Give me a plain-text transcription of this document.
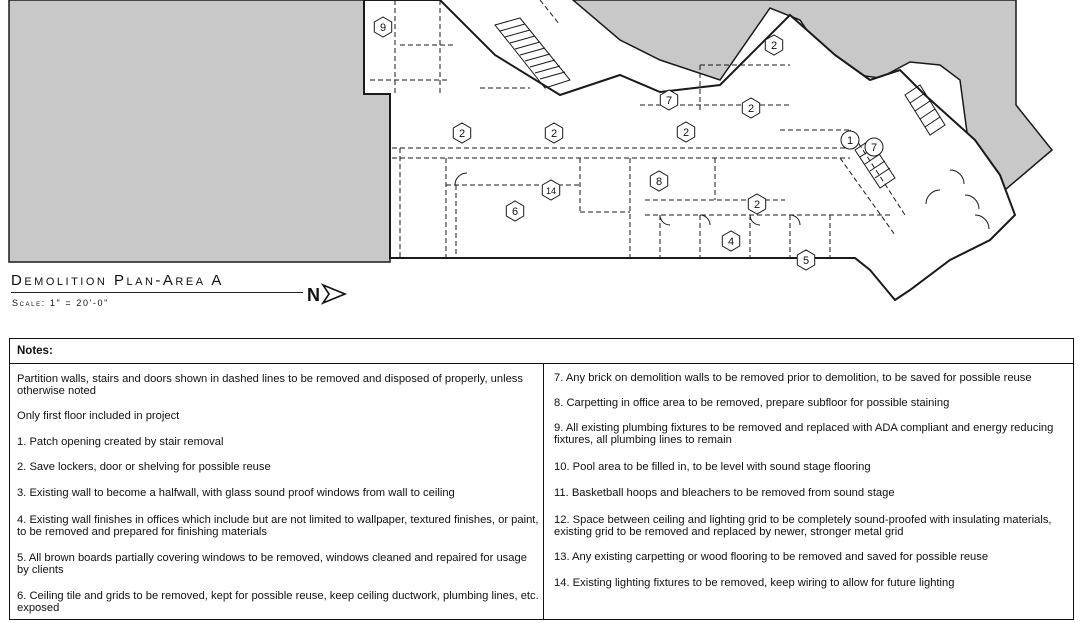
9
2	2	2
2
2
7
7
1
14
6
8
2
4
5
Demolition Plan-Area A
Scale: 1" = 20'-0"	N
Notes:
Partition walls, stairs and doors shown in dashed lines to be removed and disposed of properly, unless otherwise noted
Only first floor included in project
1. Patch opening created by stair removal
2. Save lockers, door or shelving for possible reuse
3. Existing wall to become a halfwall, with glass sound proof windows from wall to ceiling
4. Existing wall finishes in offices which include but are not limited to wallpaper, textured finishes, or paint, to be removed and prepared for finishing materials
5. All brown boards partially covering windows to be removed, windows cleaned and repaired for usage by clients
6. Ceiling tile and grids to be removed, kept for possible reuse, keep ceiling ductwork, plumbing lines, etc. exposed
7. Any brick on demolition walls to be removed prior to demolition, to be saved for possible reuse
8. Carpetting in office area to be removed, prepare subfloor for possible staining
9. All existing plumbing fixtures to be removed and replaced with ADA compliant and energy reducing fixtures, all plumbing lines to remain
10. Pool area to be filled in, to be level with sound stage flooring
11. Basketball hoops and bleachers to be removed from sound stage
12. Space between ceiling and lighting grid to be completely sound-proofed with insulating materials, existing grid to be removed and replaced by newer, stronger metal grid
13. Any existing carpetting or wood flooring to be removed and saved for possible reuse
14. Existing lighting fixtures to be removed, keep wiring to allow for future lighting
